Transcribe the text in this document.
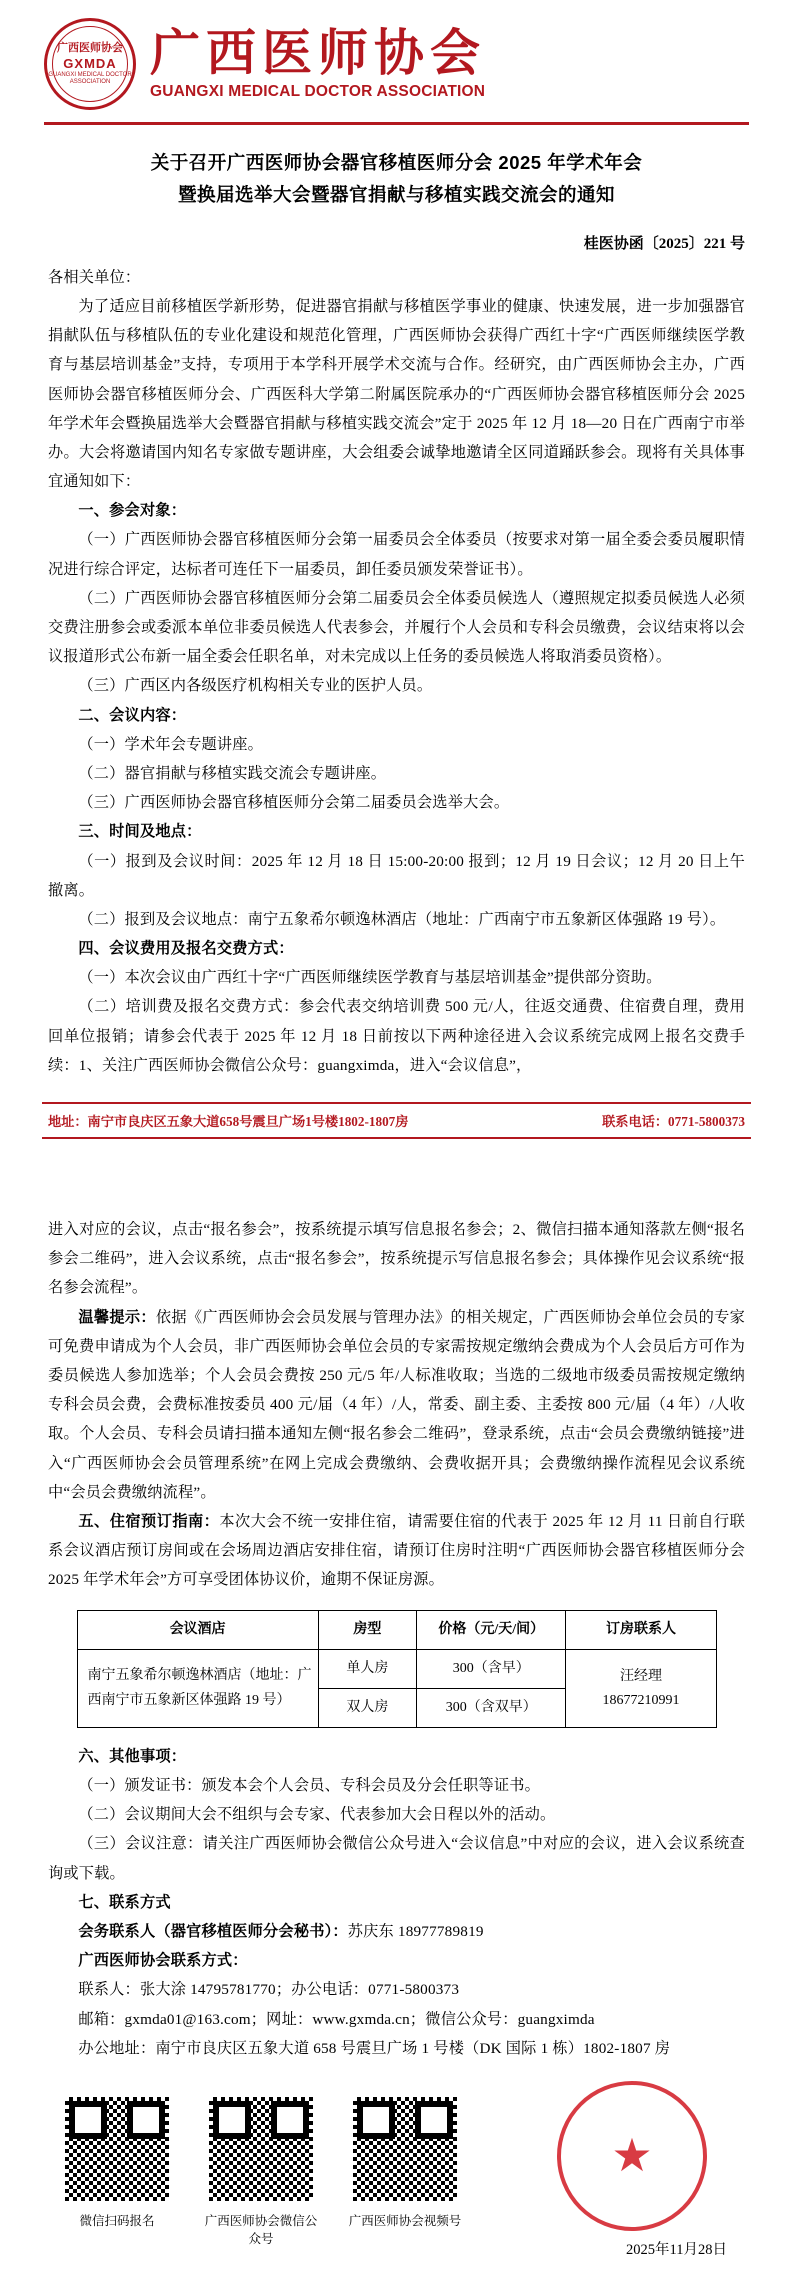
广西医师协会
GXMDA
GUANGXI MEDICAL DOCTOR ASSOCIATION
广西医师协会
GUANGXI MEDICAL DOCTOR ASSOCIATION
关于召开广西医师协会器官移植医师分会 2025 年学术年会
暨换届选举大会暨器官捐献与移植实践交流会的通知
桂医协函〔2025〕221 号

各相关单位：

为了适应目前移植医学新形势，促进器官捐献与移植医学事业的健康、快速发展，进一步加强器官捐献队伍与移植队伍的专业化建设和规范化管理，广西医师协会获得广西红十字“广西医师继续医学教育与基层培训基金”支持，专项用于本学科开展学术交流与合作。经研究，由广西医师协会主办，广西医师协会器官移植医师分会、广西医科大学第二附属医院承办的“广西医师协会器官移植医师分会 2025 年学术年会暨换届选举大会暨器官捐献与移植实践交流会”定于 2025 年 12 月 18—20 日在广西南宁市举办。大会将邀请国内知名专家做专题讲座，大会组委会诚挚地邀请全区同道踊跃参会。现将有关具体事宜通知如下：

一、参会对象：

（一）广西医师协会器官移植医师分会第一届委员会全体委员（按要求对第一届全委会委员履职情况进行综合评定，达标者可连任下一届委员，卸任委员颁发荣誉证书）。

（二）广西医师协会器官移植医师分会第二届委员会全体委员候选人（遵照规定拟委员候选人必须交费注册参会或委派本单位非委员候选人代表参会，并履行个人会员和专科会员缴费，会议结束将以会议报道形式公布新一届全委会任职名单，对未完成以上任务的委员候选人将取消委员资格）。

（三）广西区内各级医疗机构相关专业的医护人员。

二、会议内容：

（一）学术年会专题讲座。

（二）器官捐献与移植实践交流会专题讲座。

（三）广西医师协会器官移植医师分会第二届委员会选举大会。

三、时间及地点：

（一）报到及会议时间：2025 年 12 月 18 日 15:00-20:00 报到；12 月 19 日会议；12 月 20 日上午撤离。

（二）报到及会议地点：南宁五象希尔顿逸林酒店（地址：广西南宁市五象新区体强路 19 号）。

四、会议费用及报名交费方式：

（一）本次会议由广西红十字“广西医师继续医学教育与基层培训基金”提供部分资助。

（二）培训费及报名交费方式：参会代表交纳培训费 500 元/人，往返交通费、住宿费自理，费用回单位报销；请参会代表于 2025 年 12 月 18 日前按以下两种途径进入会议系统完成网上报名交费手续：1、关注广西医师协会微信公众号：guangximda，进入“会议信息”，

地址：南宁市良庆区五象大道658号震旦广场1号楼1802-1807房	联系电话：0771-5800373

进入对应的会议，点击“报名参会”，按系统提示填写信息报名参会；2、微信扫描本通知落款左侧“报名参会二维码”，进入会议系统，点击“报名参会”，按系统提示写信息报名参会；具体操作见会议系统“报名参会流程”。

温馨提示：依据《广西医师协会会员发展与管理办法》的相关规定，广西医师协会单位会员的专家可免费申请成为个人会员，非广西医师协会单位会员的专家需按规定缴纳会费成为个人会员后方可作为委员候选人参加选举；个人会员会费按 250 元/5 年/人标准收取；当选的二级地市级委员需按规定缴纳专科会员会费，会费标准按委员 400 元/届（4 年）/人，常委、副主委、主委按 800 元/届（4 年）/人收取。个人会员、专科会员请扫描本通知左侧“报名参会二维码”，登录系统，点击“会员会费缴纳链接”进入“广西医师协会会员管理系统”在网上完成会费缴纳、会费收据开具；会费缴纳操作流程见会议系统中“会员会费缴纳流程”。

五、住宿预订指南：本次大会不统一安排住宿，请需要住宿的代表于 2025 年 12 月 11 日前自行联系会议酒店预订房间或在会场周边酒店安排住宿，请预订住房时注明“广西医师协会器官移植医师分会 2025 年学术年会”方可享受团体协议价，逾期不保证房源。

会议酒店	房型	价格（元/天/间）	订房联系人
南宁五象希尔顿逸林酒店（地址：广西南宁市五象新区体强路 19 号）	单人房	300（含早）	汪经理
18677210991

	双人房	300（含双早）	

六、其他事项：

（一）颁发证书：颁发本会个人会员、专科会员及分会任职等证书。

（二）会议期间大会不组织与会专家、代表参加大会日程以外的活动。

（三）会议注意：请关注广西医师协会微信公众号进入“会议信息”中对应的会议，进入会议系统查询或下载。

七、联系方式

会务联系人（器官移植医师分会秘书）：苏庆东 18977789819

广西医师协会联系方式：

联系人：张大涂 14795781770；办公电话：0771-5800373

邮箱：gxmda01@163.com；网址：www.gxmda.cn；微信公众号：guangximda

办公地址：南宁市良庆区五象大道 658 号震旦广场 1 号楼（DK 国际 1 栋）1802-1807 房

微信扫码报名	广西医师协会微信公众号
广西医师协会视频号
★
2025年11月28日
